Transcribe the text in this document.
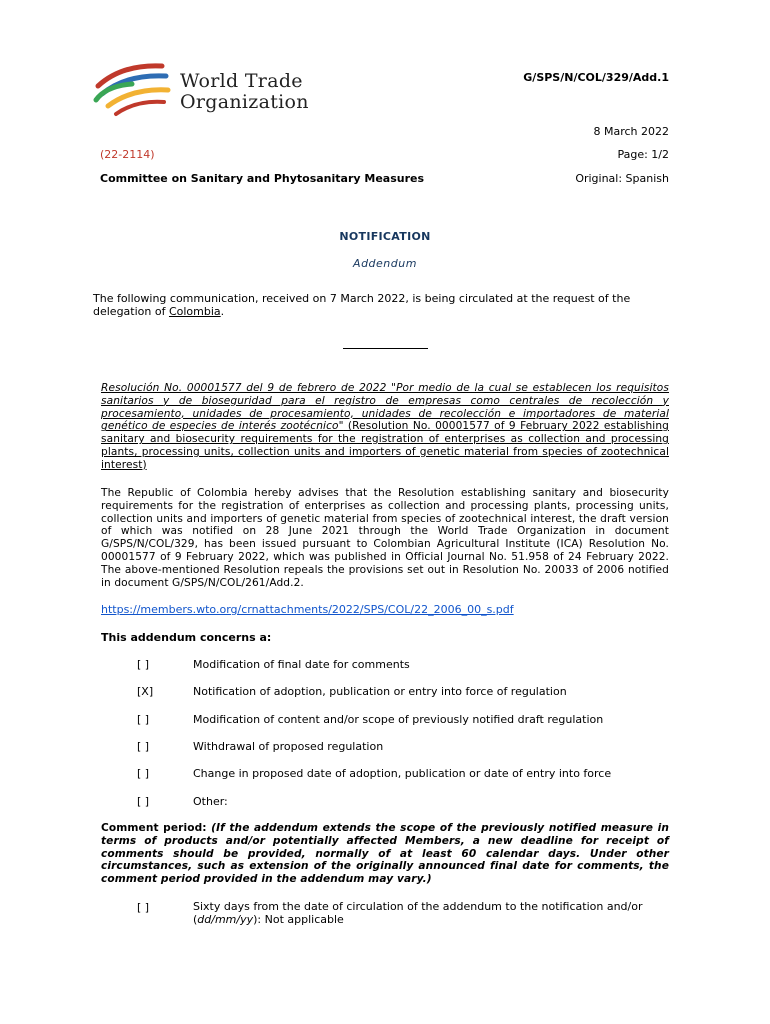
World Trade
Organization
G/SPS/N/COL/329/Add.1
8 March 2022
(22-2114)	Page: 1/2
Committee on Sanitary and Phytosanitary Measures	Original: Spanish
NOTIFICATION
Addendum
The following communication, received on 7 March 2022, is being circulated at the request of the delegation of Colombia.
Resolución No. 00001577 del 9 de febrero de 2022 "Por medio de la cual se establecen los requisitos sanitarios y de bioseguridad para el registro de empresas como centrales de recolección y procesamiento, unidades de procesamiento, unidades de recolección e importadores de material genético de especies de interés zootécnico" (Resolution No. 00001577 of 9 February 2022 establishing sanitary and biosecurity requirements for the registration of enterprises as collection and processing plants, processing units, collection units and importers of genetic material from species of zootechnical interest)
The Republic of Colombia hereby advises that the Resolution establishing sanitary and biosecurity requirements for the registration of enterprises as collection and processing plants, processing units, collection units and importers of genetic material from species of zootechnical interest, the draft version of which was notified on 28 June 2021 through the World Trade Organization in document G/SPS/N/COL/329, has been issued pursuant to Colombian Agricultural Institute (ICA) Resolution No. 00001577 of 9 February 2022, which was published in Official Journal No. 51.958 of 24 February 2022. The above-mentioned Resolution repeals the provisions set out in Resolution No. 20033 of 2006 notified in document G/SPS/N/COL/261/Add.2.
https://members.wto.org/crnattachments/2022/SPS/COL/22_2006_00_s.pdf
This addendum concerns a:
[ ]	Modification of final date for comments
[X]	Notification of adoption, publication or entry into force of regulation
[ ]	Modification of content and/or scope of previously notified draft regulation
[ ]	Withdrawal of proposed regulation
[ ]	Change in proposed date of adoption, publication or date of entry into force
[ ]	Other:
Comment period: (If the addendum extends the scope of the previously notified measure in terms of products and/or potentially affected Members, a new deadline for receipt of comments should be provided, normally of at least 60 calendar days. Under other circumstances, such as extension of the originally announced final date for comments, the comment period provided in the addendum may vary.)
[ ]	Sixty days from the date of circulation of the addendum to the notification and/or (dd/mm/yy): Not applicable
